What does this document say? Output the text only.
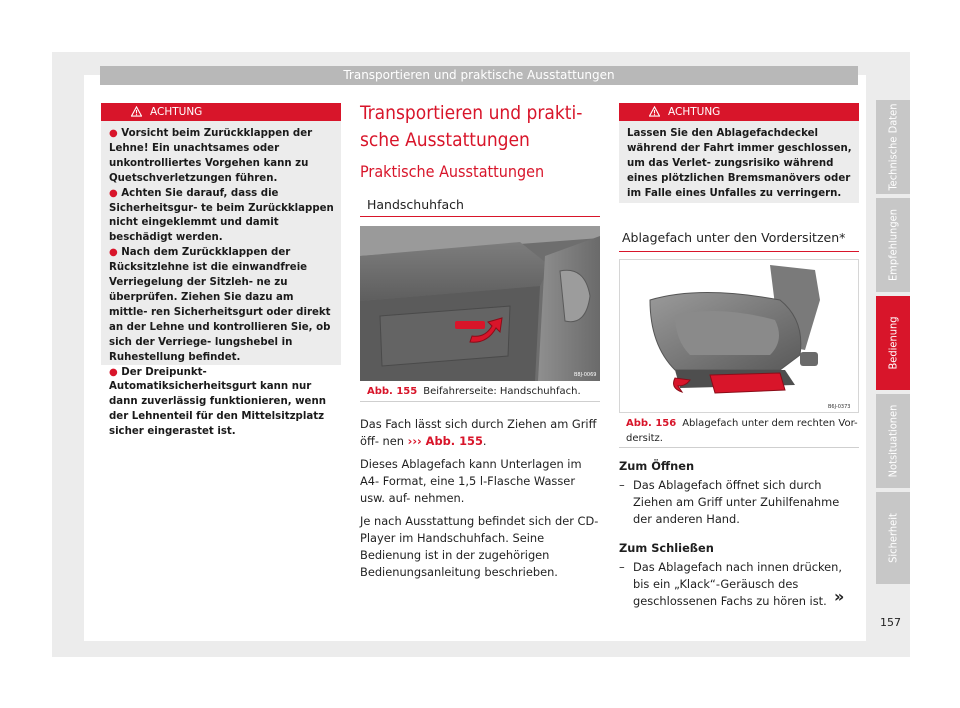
Transportieren und praktische Ausstattungen
Technische Daten
Empfehlungen
Bedienung
Notsituationen
Sicherheit
ACHTUNG

● Vorsicht beim Zurückklappen der Lehne! Ein unachtsames oder unkontrolliertes Vorgehen kann zu Quetschverletzungen führen.

● Achten Sie darauf, dass die Sicherheitsgur- te beim Zurückklappen nicht eingeklemmt und damit beschädigt werden.

● Nach dem Zurückklappen der Rücksitzlehne ist die einwandfreie Verriegelung der Sitzleh- ne zu überprüfen. Ziehen Sie dazu am mittle- ren Sicherheitsgurt oder direkt an der Lehne und kontrollieren Sie, ob sich der Verriege- lungshebel in Ruhestellung befindet.

● Der Dreipunkt-Automatiksicherheitsgurt kann nur dann zuverlässig funktionieren, wenn der Lehnenteil für den Mittelsitzplatz sicher eingerastet ist.

Transportieren und prakti- sche Ausstattungen
Praktische Ausstattungen
Handschuhfach
B8J-0069
Abb. 155 Beifahrerseite: Handschuhfach.

Das Fach lässt sich durch Ziehen am Griff öff- nen ››› Abb. 155.

Dieses Ablagefach kann Unterlagen im A4- Format, eine 1,5 l-Flasche Wasser usw. auf- nehmen.

Je nach Ausstattung befindet sich der CD- Player im Handschuhfach. Seine Bedienung ist in der zugehörigen Bedienungsanleitung beschrieben.

ACHTUNG
Lassen Sie den Ablagefachdeckel während der Fahrt immer geschlossen, um das Verlet- zungsrisiko während eines plötzlichen Bremsmanövers oder im Falle eines Unfalles zu verringern.
Ablagefach unter den Vordersitzen*
B6J-0373
Abb. 156 Ablagefach unter dem rechten Vor- dersitz.

Zum Öffnen

– Das Ablagefach öffnet sich durch Ziehen am Griff unter Zuhilfenahme der anderen Hand.

Zum Schließen

– Das Ablagefach nach innen drücken, bis ein „Klack“-Geräusch des geschlossenen Fachs zu hören ist. »
157
